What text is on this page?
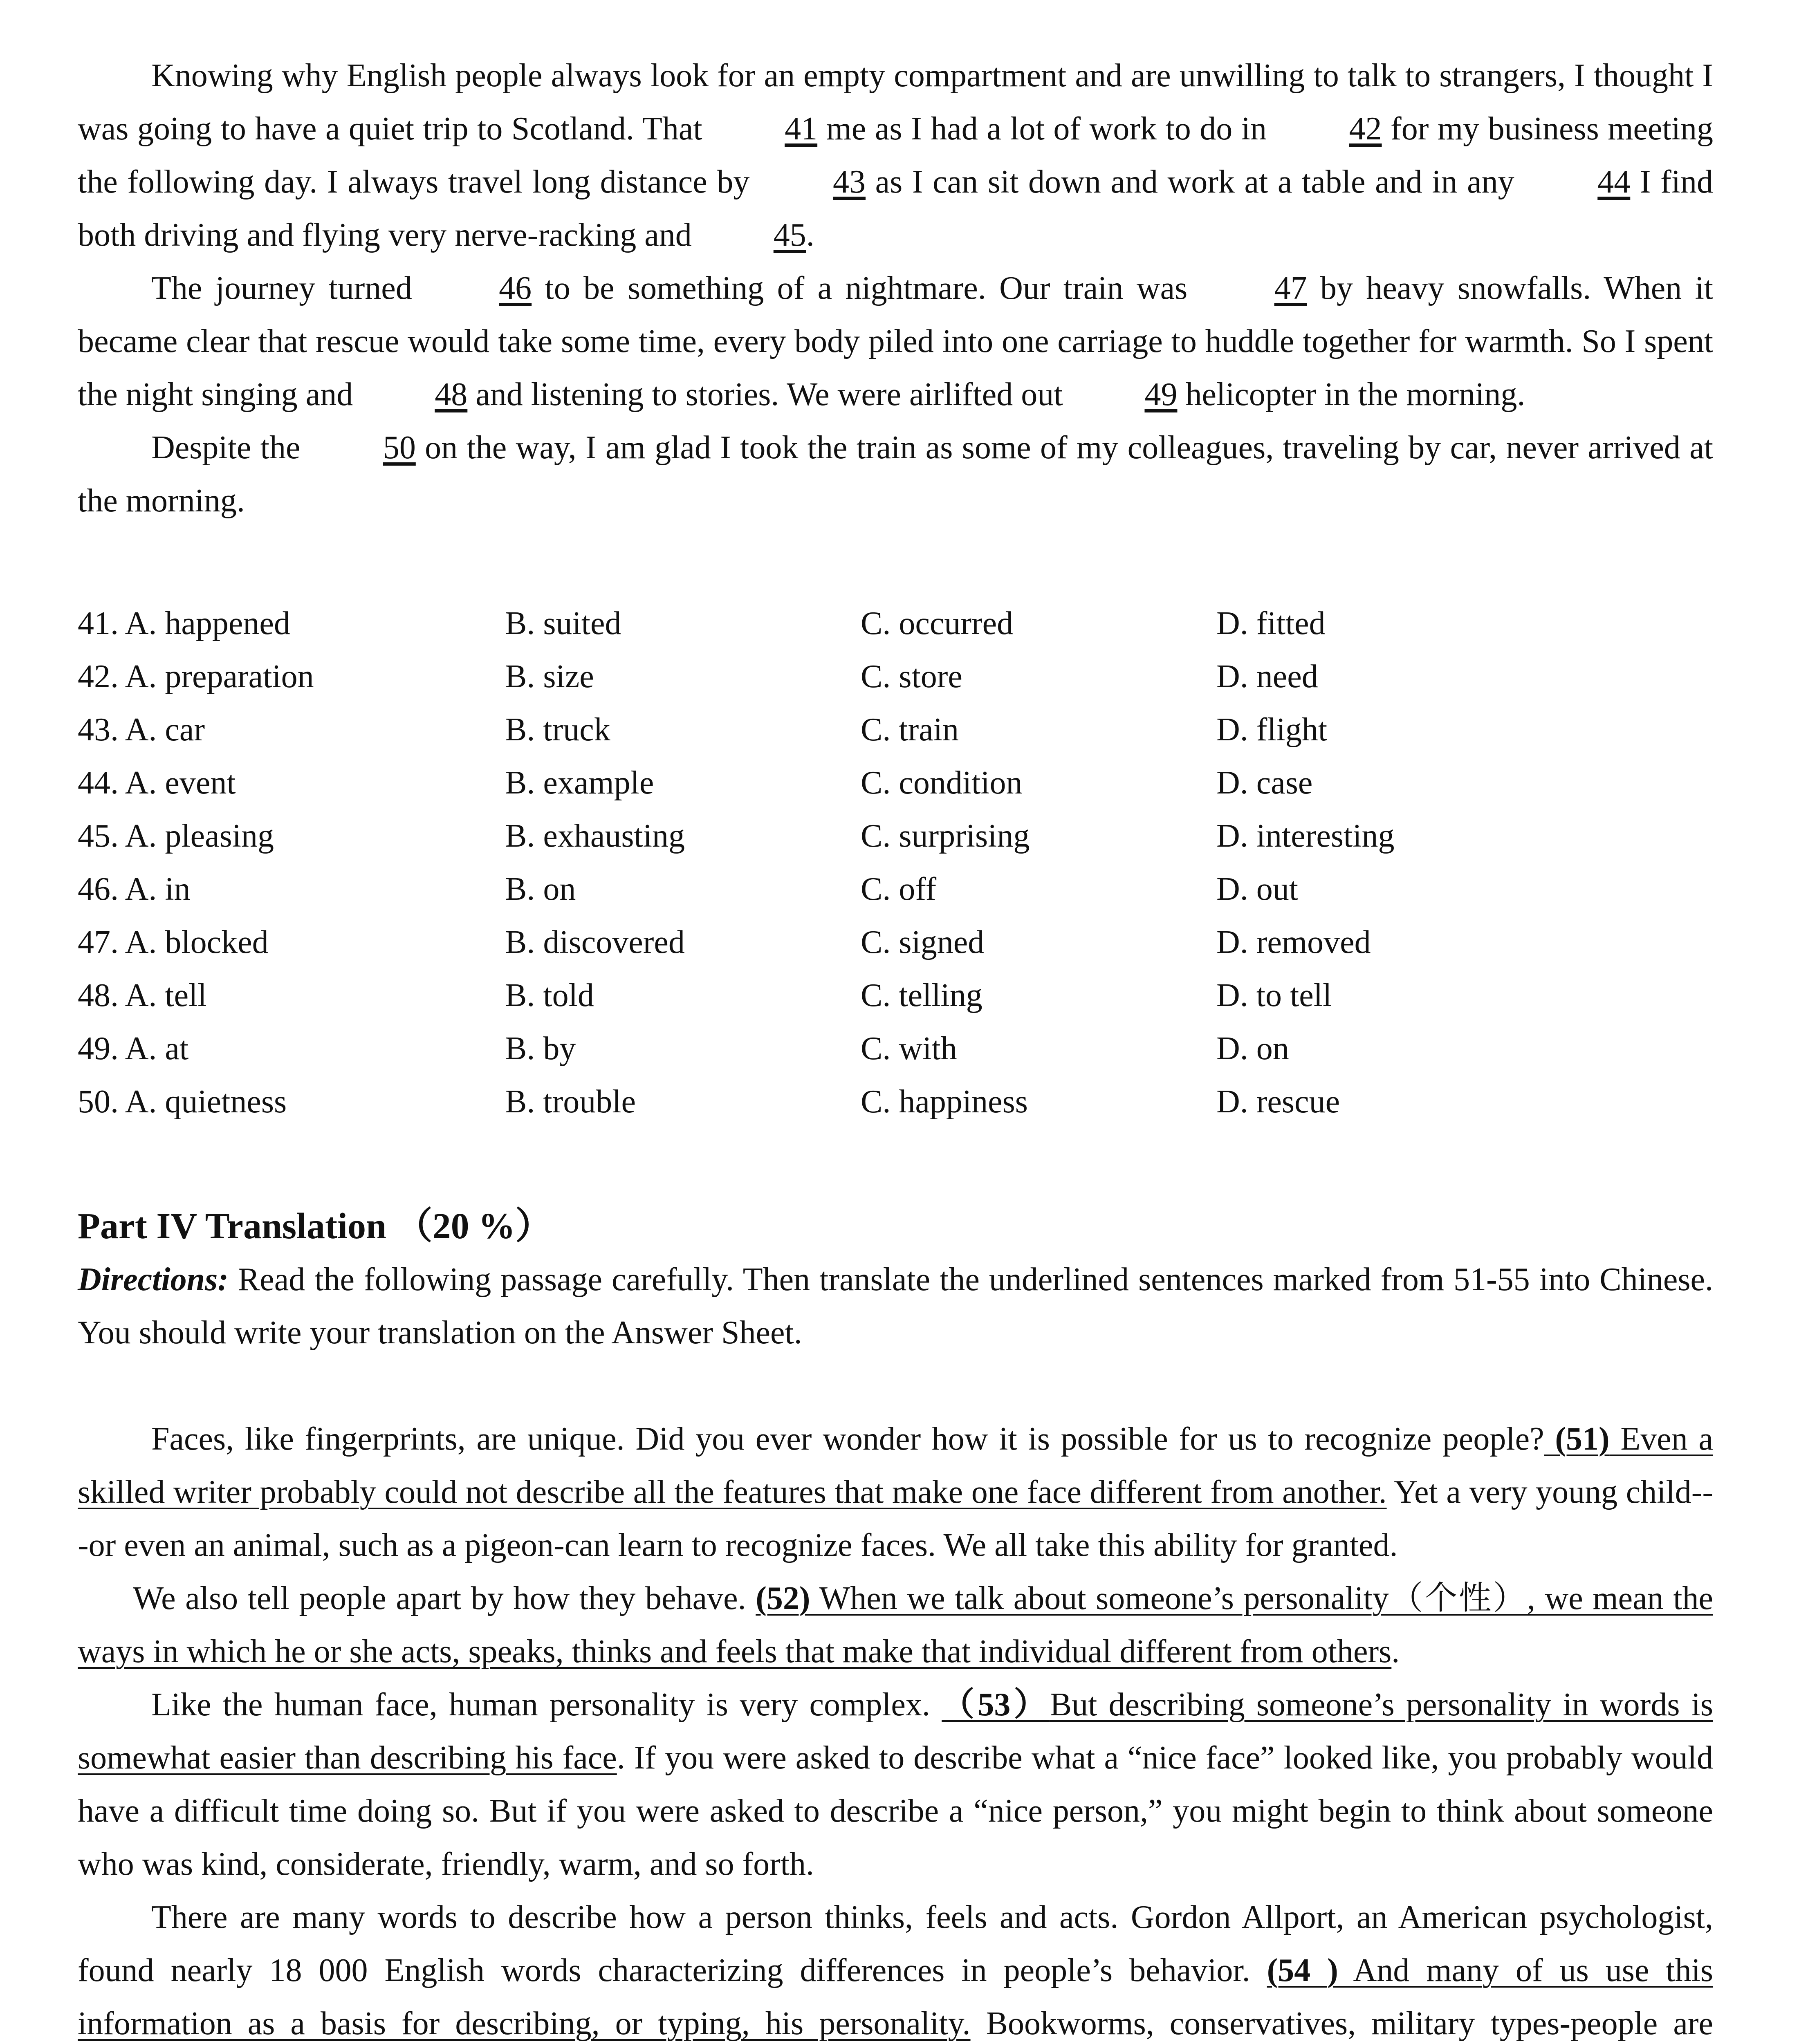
Knowing why English people always look for an empty compartment and are unwilling to talk to strangers, I thought I was going to have a quiet trip to Scotland. That 41 me as I had a lot of work to do in 42 for my business meeting the following day. I always travel long distance by 43 as I can sit down and work at a table and in any 44 I find both driving and flying very nerve-racking and 45.

The journey turned 46 to be something of a nightmare. Our train was 47 by heavy snowfalls. When it became clear that rescue would take some time, every body piled into one carriage to huddle together for warmth. So I spent the night singing and 48 and listening to stories. We were airlifted out 49 helicopter in the morning.

Despite the 50 on the way, I am glad I took the train as some of my colleagues, traveling by car, never arrived at the morning.

41. A. happened	B. suited	C. occurred	D. fitted
42. A. preparation	B. size	C. store	D. need
43. A. car	B. truck	C. train	D. flight
44. A. event	B. example	C. condition	D. case
45. A. pleasing	B. exhausting	C. surprising	D. interesting
46. A. in	B. on	C. off	D. out
47. A. blocked	B. discovered	C. signed	D. removed
48. A. tell	B. told	C. telling	D. to tell
49. A. at	B. by	C. with	D. on
50. A. quietness	B. trouble	C. happiness	D. rescue
Part IV Translation （20 %）

Directions: Read the following passage carefully. Then translate the underlined sentences marked from 51-55 into Chinese. You should write your translation on the Answer Sheet.

Faces, like fingerprints, are unique. Did you ever wonder how it is possible for us to recognize people? (51) Even a skilled writer probably could not describe all the features that make one face different from another. Yet a very young child---or even an animal, such as a pigeon-can learn to recognize faces. We all take this ability for granted.

We also tell people apart by how they behave. (52) When we talk about someone’s personality（个性）, we mean the ways in which he or she acts, speaks, thinks and feels that make that individual different from others.

Like the human face, human personality is very complex. （53）But describing someone’s personality in words is somewhat easier than describing his face. If you were asked to describe what a “nice face” looked like, you probably would have a difficult time doing so. But if you were asked to describe a “nice person,” you might begin to think about someone who was kind, considerate, friendly, warm, and so forth.

There are many words to describe how a person thinks, feels and acts. Gordon Allport, an American psychologist, found nearly 18 000 English words characterizing differences in people’s behavior. (54 ) And many of us use this information as a basis for describing, or typing, his personality. Bookworms, conservatives, military types-people are
